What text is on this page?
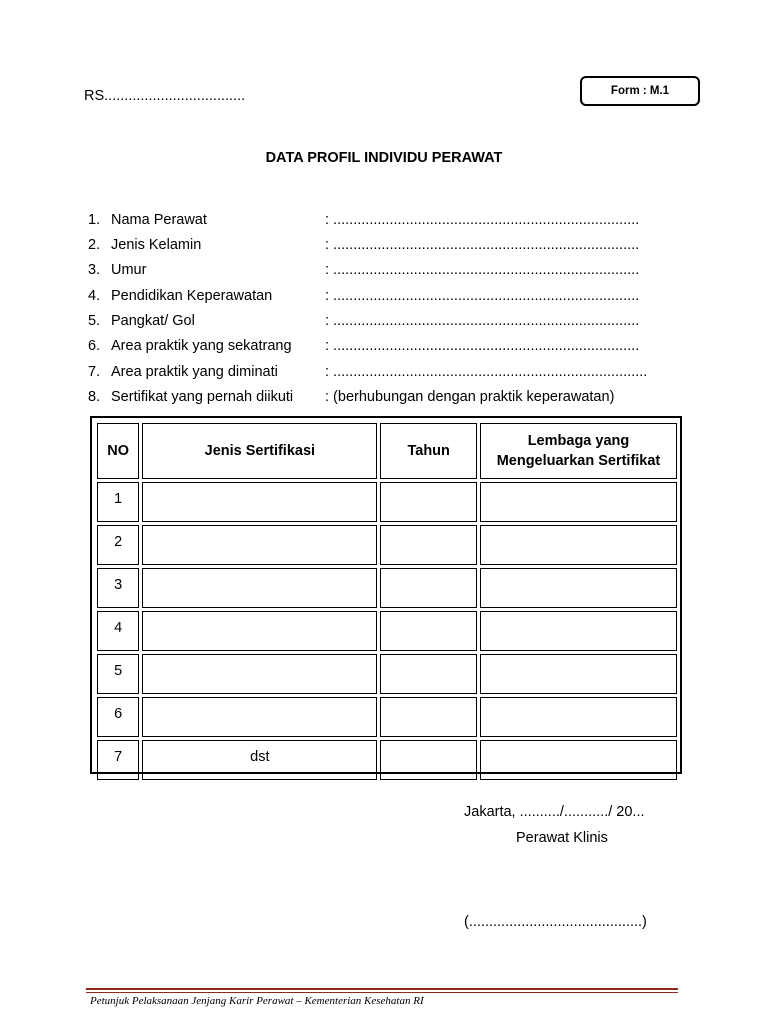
RS...................................	Form : M.1
DATA PROFIL INDIVIDU PERAWAT
1. Nama Perawat	: ............................................................................
2. Jenis Kelamin	: ............................................................................
3. Umur	: ............................................................................
4. Pendidikan Keperawatan	: ............................................................................
5. Pangkat/ Gol	: ............................................................................
6. Area praktik yang sekatrang : ............................................................................
7. Area praktik yang diminati	: ..............................................................................
8. Sertifikat yang pernah diikuti : (berhubungan dengan praktik keperawatan)
NO	Jenis Sertifikasi	Tahun	Lembaga yang
Mengeluarkan Sertifikat
1			
2			
3			
4			
5			
6			
7	dst		
Jakarta, ........../.........../ 20...
Perawat Klinis
(...........................................)
Petunjuk Pelaksanaan Jenjang Karir Perawat – Kementerian Kesehatan RI
